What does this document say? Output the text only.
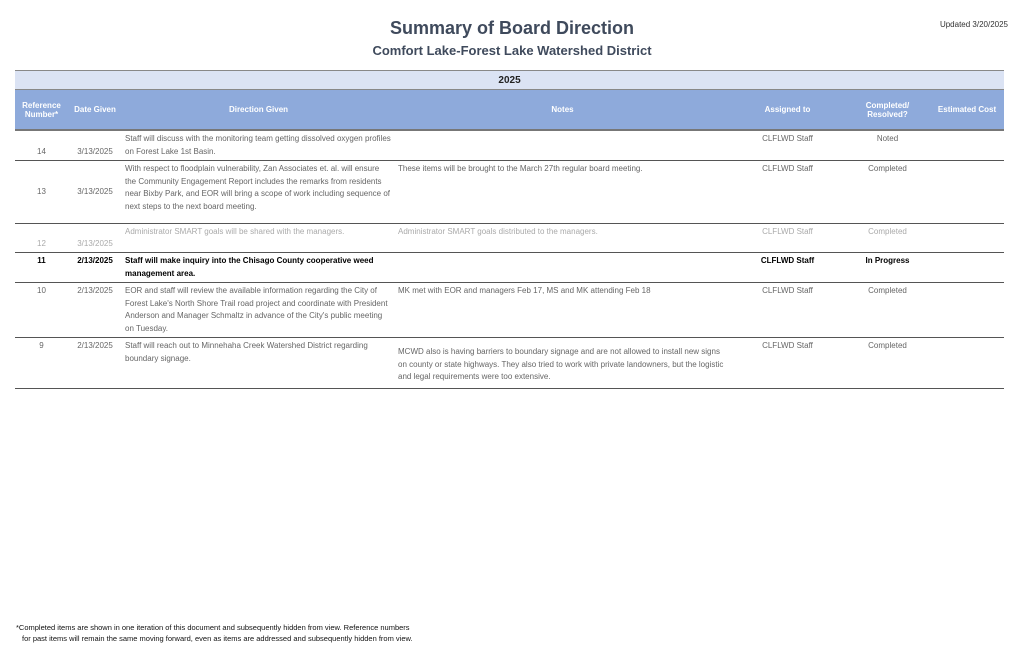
Summary of Board Direction
Comfort Lake-Forest Lake Watershed District
Updated 3/20/2025
2025						
Reference Number*	Date Given	Direction Given	Notes	Assigned to	Completed/ Resolved?	Estimated Cost
14	3/13/2025	Staff will discuss with the monitoring team getting dissolved oxygen profiles on Forest Lake 1st Basin.		CLFLWD Staff	Noted	
13	3/13/2025	With respect to floodplain vulnerability, Zan Associates et. al. will ensure the Community Engagement Report includes the remarks from residents near Bixby Park, and EOR will bring a scope of work including sequence of next steps to the next board meeting.	These items will be brought to the March 27th regular board meeting.	CLFLWD Staff	Completed	
12	3/13/2025	Administrator SMART goals will be shared with the managers.	Administrator SMART goals distributed to the managers.	CLFLWD Staff	Completed	
11	2/13/2025	Staff will make inquiry into the Chisago County cooperative weed management area.		CLFLWD Staff	In Progress	
10	2/13/2025	EOR and staff will review the available information regarding the City of Forest Lake's North Shore Trail road project and coordinate with President Anderson and Manager Schmaltz in advance of the City's public meeting on Tuesday.	MK met with EOR and managers Feb 17, MS and MK attending Feb 18	CLFLWD Staff	Completed	
9	2/13/2025	Staff will reach out to Minnehaha Creek Watershed District regarding boundary signage.	MCWD also is having barriers to boundary signage and are not allowed to install new signs on county or state highways. They also tried to work with private landowners, but the logistic and legal requirements were too extensive.	CLFLWD Staff	Completed	
*Completed items are shown in one iteration of this document and subsequently hidden from view. Reference numbers
for past items will remain the same moving forward, even as items are addressed and subsequently hidden from view.
